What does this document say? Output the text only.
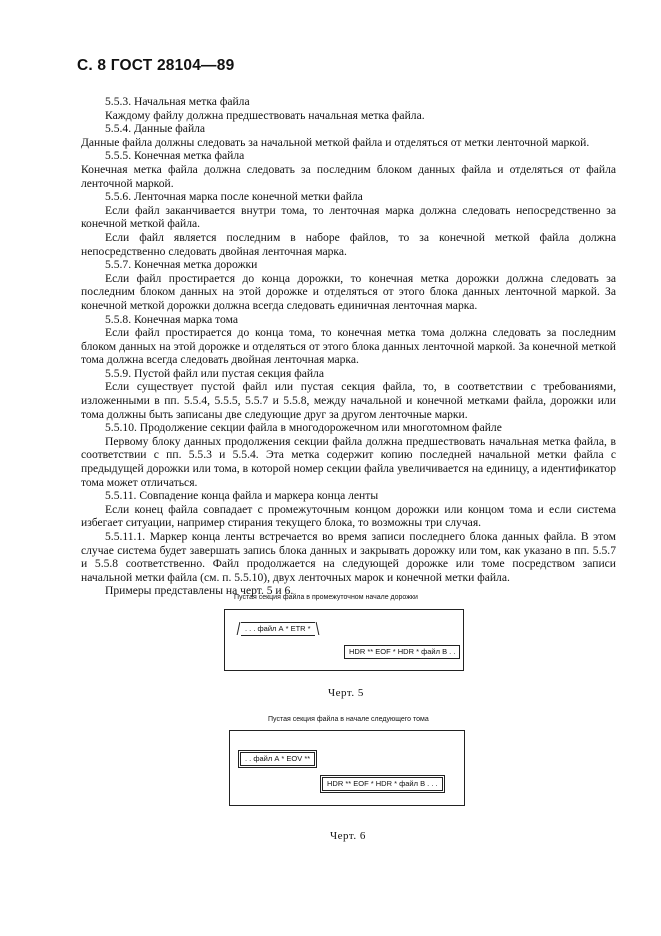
С. 8 ГОСТ 28104—89

5.5.3. Начальная метка файла

Каждому файлу должна предшествовать начальная метка файла.

5.5.4. Данные файла

Данные файла должны следовать за начальной меткой файла и отделяться от метки ленточной маркой.

5.5.5. Конечная метка файла

Конечная метка файла должна следовать за последним блоком данных файла и отделяться от файла ленточной маркой.

5.5.6. Ленточная марка после конечной метки файла

Если файл заканчивается внутри тома, то ленточная марка должна следовать непосредственно за конечной меткой файла.

Если файл является последним в наборе файлов, то за конечной меткой файла должна непосредственно следовать двойная ленточная марка.

5.5.7. Конечная метка дорожки

Если файл простирается до конца дорожки, то конечная метка дорожки должна следовать за последним блоком данных на этой дорожке и отделяться от этого блока данных ленточной маркой. За конечной меткой дорожки должна всегда следовать единичная ленточная марка.

5.5.8. Конечная марка тома

Если файл простирается до конца тома, то конечная метка тома должна следовать за последним блоком данных на этой дорожке и отделяться от этого блока данных ленточной маркой. За конечной меткой тома должна всегда следовать двойная ленточная марка.

5.5.9. Пустой файл или пустая секция файла

Если существует пустой файл или пустая секция файла, то, в соответствии с требованиями, изложенными в пп. 5.5.4, 5.5.5, 5.5.7 и 5.5.8, между начальной и конечной метками файла, дорожки или тома должны быть записаны две следующие друг за другом ленточные марки.

5.5.10. Продолжение секции файла в многодорожечном или многотомном файле

Первому блоку данных продолжения секции файла должна предшествовать начальная метка файла, в соответствии с пп. 5.5.3 и 5.5.4. Эта метка содержит копию последней начальной метки файла с предыдущей дорожки или тома, в которой номер секции файла увеличивается на единицу, а идентификатор тома может отличаться.

5.5.11. Совпадение конца файла и маркера конца ленты

Если конец файла совпадает с промежуточным концом дорожки или концом тома и если система избегает ситуации, например стирания текущего блока, то возможны три случая.

5.5.11.1. Маркер конца ленты встречается во время записи последнего блока данных файла. В этом случае система будет завершать запись блока данных и закрывать дорожку или том, как указано в пп. 5.5.7 и 5.5.8 соответственно. Файл продолжается на следующей дорожке или томе посредством записи начальной метки файла (см. п. 5.5.10), двух ленточных марок и конечной метки файла.

Примеры представлены на черт. 5 и 6.

Пустая секция файла в промежуточном начале дорожки
. . . файл А * ETR *
HDR ** EOF * HDR * файл В . .
Черт. 5
Пустая секция файла в начале следующего тома
. . файл А * EOV **
HDR ** EOF * HDR * файл В . . .
Черт. 6
